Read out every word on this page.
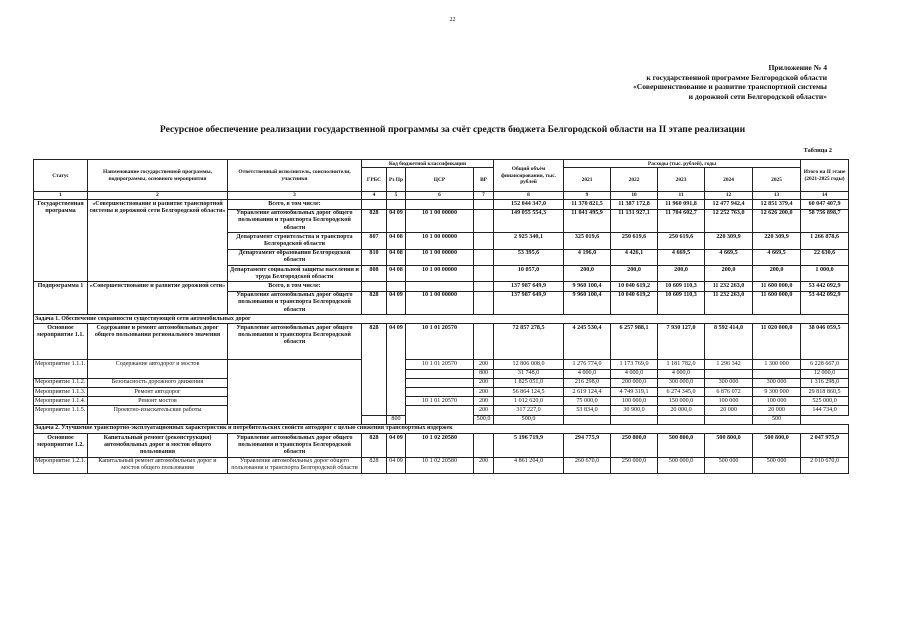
22
Приложение № 4
к государственной программе Белгородской области
«Совершенствование и развитие транспортной системы
и дорожной сети Белгородской области»
Ресурсное обеспечение реализации государственной программы за счёт средств бюджета Белгородской области на II этапе реализации
Таблица 2
Статус	Наименование государственной программы, подпрограммы, основного мероприятия	Ответственный исполнитель, соисполнители, участники	Код бюджетной классификации				Общий объём финансирования, тыс. рублей	Расходы (тыс. рублей), годы					Итого на II этапе (2021-2025 годы)
			ГРБС	Рз Пр	ЦСР	ВР		2021	2022	2023	2024	2025	
1	2	3	4	5	6	7	8	9	10	11	12	13	14
Государственная программа	«Совершенствование и развитие транспортной системы и дорожной сети Белгородской области»	Всего, в том числе:					152 044 347,0	11 370 821,5	11 387 172,8	11 960 091,8	12 477 942,4	12 851 379,4	60 047 407,9
		Управление автомобильных дорог общего пользования и транспорта Белгородской области	828	04 09	10 1 00 00000		149 055 554,3	11 041 495,9	11 131 927,1	11 704 602,7	12 252 763,0	12 626 200,0	58 756 898,7
		Департамент строительства и транспорта Белгородской области	807	04 08	10 1 00 00000		2 925 340,1	325 019,6	250 619,6	250 619,6	220 309,9	220 309,9	1 266 878,6
		Департамент образования Белгородской области	810	04 08	10 1 00 00000		53 395,6	4 196,0	4 426,1	4 669,5	4 669,5	4 669,5	22 630,6
		Департамент социальной защиты населения и труда Белгородской области	808	04 08	10 1 00 00000		10 057,0	200,0	200,0	200,0	200,0	200,0	1 000,0
Подпрограмма 1	«Совершенствование и развитие дорожной сети»	Всего, в том числе:					137 987 649,9	9 960 100,4	10 040 619,2	10 609 110,3	11 232 263,0	11 600 000,0	53 442 092,9
		Управление автомобильных дорог общего пользования и транспорта Белгородской области	828	04 09	10 1 00 00000		137 987 649,9	9 960 100,4	10 040 619,2	10 609 110,3	11 232 263,0	11 600 000,0	53 442 092,9
Задача 1. Обеспечение сохранности существующей сети автомобильных дорог													
Основное мероприятие 1.1.	Содержание и ремонт автомобильных дорог общего пользования регионального значения	Управление автомобильных дорог общего пользования и транспорта Белгородской области	828	04 09	10 1 01 20570		72 857 278,5	4 245 530,4	6 257 988,1	7 930 127,0	8 592 414,0	11 020 000,0	38 046 059,5
Мероприятие 1.1.1.	Содержание автодорог и мостов				10 1 01 20570	200	12 806 008,0	1 276 774,0	1 173 769,0	1 181 782,0	1 296 342	1 300 000	6 228 667,0
						800	31 748,0	4 000,0	4 000,0	4 000,0			12 000,0
Мероприятие 1.1.2.	Безопасность дорожного движения					200	1 825 051,0	216 298,0	200 000,0	300 000,0	300 000	300 000	1 316 298,0
Мероприятие 1.1.3.	Ремонт автодорог					200	56 864 124,5	2 619 124,4	4 749 319,1	6 274 345,0	6 876 072	9 300 000	29 818 860,5
Мероприятие 1.1.4.	Ремонт мостов				10 1 01 20570	200	1 012 620,0	75 000,0	100 000,0	150 000,0	100 000	100 000	525 000,0
Мероприятие 1.1.5.	Проектно-изыскательские работы					200	317 227,0	53 834,0	30 900,0	20 000,0	20 000	20 000	144 734,0
				800		500,0	500,0					500	
Задача 2. Улучшение транспортно-эксплуатационных характеристик и потребительских свойств автодорог с целью снижения транспортных издержек													
Основное мероприятие 1.2.	Капитальный ремонт (реконструкция) автомобильных дорог и мостов общего пользования	Управление автомобильных дорог общего пользования и транспорта Белгородской области	828	04 09	10 1 02 20580		5 196 719,9	294 775,9	250 800,0	500 800,0	500 800,0	500 800,0	2 047 975,9
Мероприятие 1.2.1.	Капитальный ремонт автомобильных дорог и мостов общего пользования	Управление автомобильных дорог общего пользования и транспорта Белгородской области	828	04 09	10 1 02 20580	200	4 861 204,0	260 670,0	250 000,0	500 000,0	500 000	500 000	2 010 670,0
